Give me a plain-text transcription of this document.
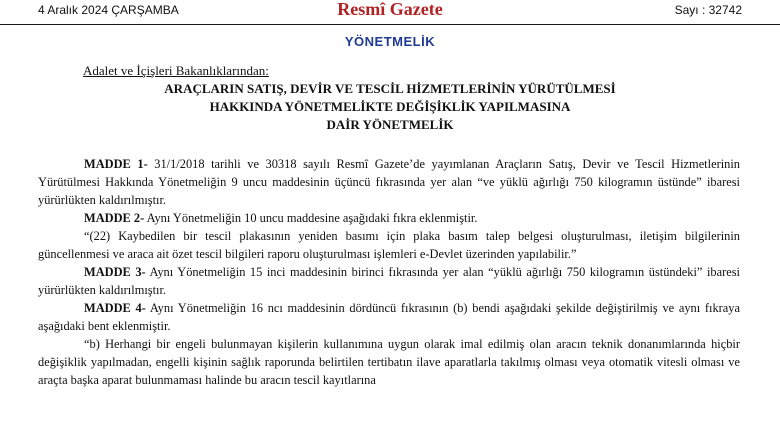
4 Aralık 2024 ÇARŞAMBA	Resmî Gazete	Sayı : 32742
YÖNETMELİK
Adalet ve İçişleri Bakanlıklarından:
ARAÇLARIN SATIŞ, DEVİR VE TESCİL HİZMETLERİNİN YÜRÜTÜLMESİ
HAKKINDA YÖNETMELİKTE DEĞİŞİKLİK YAPILMASINA
DAİR YÖNETMELİK

MADDE 1- 31/1/2018 tarihli ve 30318 sayılı Resmî Gazete’de yayımlanan Araçların Satış, Devir ve Tescil Hizmetlerinin Yürütülmesi Hakkında Yönetmeliğin 9 uncu maddesinin üçüncü fıkrasında yer alan “ve yüklü ağırlığı 750 kilogramın üstünde” ibaresi yürürlükten kaldırılmıştır.

MADDE 2- Aynı Yönetmeliğin 10 uncu maddesine aşağıdaki fıkra eklenmiştir.

“(22) Kaybedilen bir tescil plakasının yeniden basımı için plaka basım talep belgesi oluşturulması, iletişim bilgilerinin güncellenmesi ve araca ait özet tescil bilgileri raporu oluşturulması işlemleri e-Devlet üzerinden yapılabilir.”

MADDE 3- Aynı Yönetmeliğin 15 inci maddesinin birinci fıkrasında yer alan “yüklü ağırlığı 750 kilogramın üstündeki” ibaresi yürürlükten kaldırılmıştır.

MADDE 4- Aynı Yönetmeliğin 16 ncı maddesinin dördüncü fıkrasının (b) bendi aşağıdaki şekilde değiştirilmiş ve aynı fıkraya aşağıdaki bent eklenmiştir.

“b) Herhangi bir engeli bulunmayan kişilerin kullanımına uygun olarak imal edilmiş olan aracın teknik donanımlarında hiçbir değişiklik yapılmadan, engelli kişinin sağlık raporunda belirtilen tertibatın ilave aparatlarla takılmış olması veya otomatik vitesli olması ve araçta başka aparat bulunmaması halinde bu aracın tescil kayıtlarına
